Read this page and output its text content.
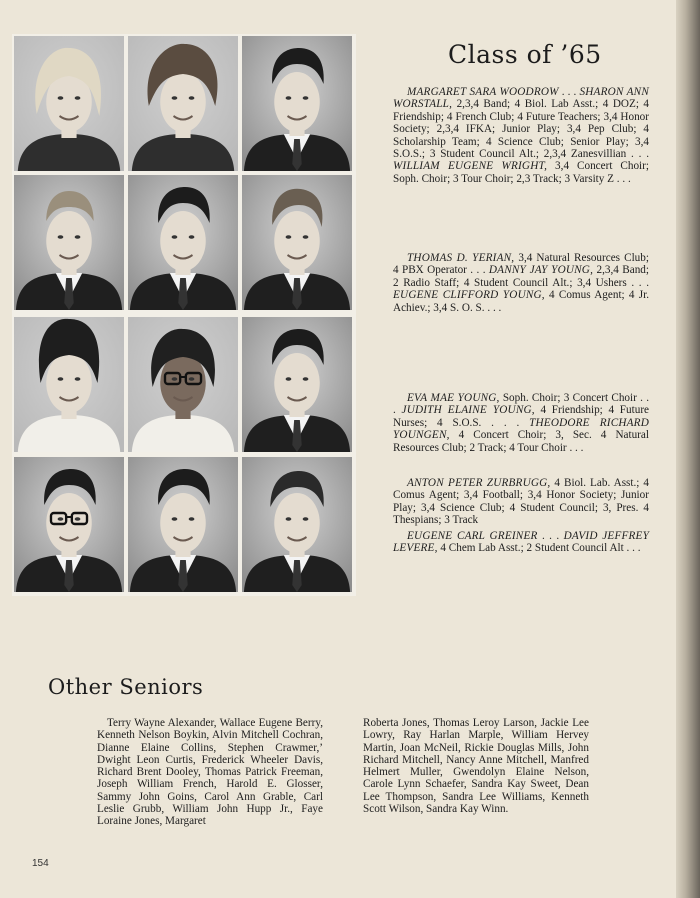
Class of ’65

MARGARET SARA WOODROW . . . SHARON ANN WORSTALL, 2,3,4 Band; 4 Biol. Lab Asst.; 4 DOZ; 4 Friendship; 4 French Club; 4 Future Teachers; 3,4 Honor Society; 2,3,4 IFKA; Junior Play; 3,4 Pep Club; 4 Scholarship Team; 4 Science Club; Senior Play; 3,4 S.O.S.; 3 Student Council Alt.; 2,3,4 Zanesvillian . . . WILLIAM EUGENE WRIGHT, 3,4 Concert Choir; Soph. Choir; 3 Tour Choir; 2,3 Track; 3 Varsity Z . . .

THOMAS D. YERIAN, 3,4 Natural Resources Club; 4 PBX Operator . . . DANNY JAY YOUNG, 2,3,4 Band; 2 Radio Staff; 4 Student Council Alt.; 3,4 Ushers . . . EUGENE CLIFFORD YOUNG, 4 Comus Agent; 4 Jr. Achiev.; 3,4 S. O. S. . . .

EVA MAE YOUNG, Soph. Choir; 3 Concert Choir . . . JUDITH ELAINE YOUNG, 4 Friendship; 4 Future Nurses; 4 S.O.S. . . . THEODORE RICHARD YOUNGEN, 4 Concert Choir; 3, Sec. 4 Natural Resources Club; 2 Track; 4 Tour Choir . . .

ANTON PETER ZURBRUGG, 4 Biol. Lab. Asst.; 4 Comus Agent; 3,4 Football; 3,4 Honor Society; Junior Play; 3,4 Science Club; 4 Student Council; 3, Pres. 4 Thespians; 3 Track

EUGENE CARL GREINER . . . DAVID JEFFREY LEVERE, 4 Chem Lab Asst.; 2 Student Council Alt . . .

Other Seniors

Terry Wayne Alexander, Wallace Eugene Berry, Kenneth Nelson Boykin, Alvin Mitchell Cochran, Dianne Elaine Collins, Stephen Crawmer,’ Dwight Leon Curtis, Frederick Wheeler Davis, Richard Brent Dooley, Thomas Patrick Freeman, Joseph William French, Harold E. Glosser, Sammy John Goins, Carol Ann Grable, Carl Leslie Grubb, William John Hupp Jr., Faye Loraine Jones, Margaret

Roberta Jones, Thomas Leroy Larson, Jackie Lee Lowry, Ray Harlan Marple, William Hervey Martin, Joan McNeil, Rickie Douglas Mills, John Richard Mitchell, Nancy Anne Mitchell, Manfred Helmert Muller, Gwendolyn Elaine Nelson, Carole Lynn Schaefer, Sandra Kay Sweet, Dean Lee Thompson, Sandra Lee Williams, Kenneth Scott Wilson, Sandra Kay Winn.

154
